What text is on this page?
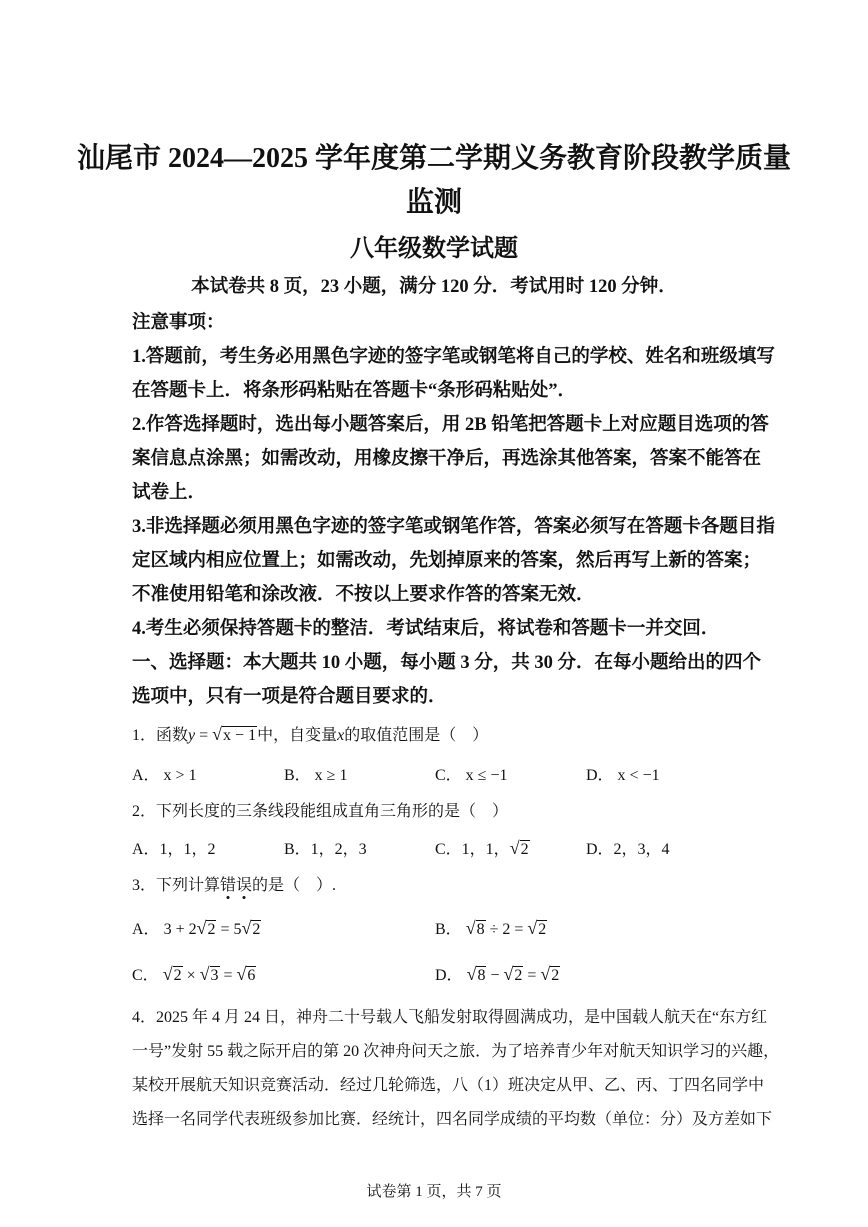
汕尾市 2024—2025 学年度第二学期义务教育阶段教学质量
监测
八年级数学试题
本试卷共 8 页，23 小题，满分 120 分．考试用时 120 分钟．
注意事项：
1.答题前，考生务必用黑色字迹的签字笔或钢笔将自己的学校、姓名和班级填写
在答题卡上．将条形码粘贴在答题卡“条形码粘贴处”．
2.作答选择题时，选出每小题答案后，用 2B 铅笔把答题卡上对应题目选项的答
案信息点涂黑；如需改动，用橡皮擦干净后，再选涂其他答案，答案不能答在
试卷上．
3.非选择题必须用黑色字迹的签字笔或钢笔作答，答案必须写在答题卡各题目指
定区域内相应位置上；如需改动，先划掉原来的答案，然后再写上新的答案；
不准使用铅笔和涂改液．不按以上要求作答的答案无效．
4.考生必须保持答题卡的整洁．考试结束后，将试卷和答题卡一并交回．
一、选择题：本大题共 10 小题，每小题 3 分，共 30 分．在每小题给出的四个
选项中，只有一项是符合题目要求的．
1．函数y = √x − 1中，自变量x的取值范围是（　）
A． x > 1	B． x ≥ 1	C． x ≤ −1	D． x < −1
2．下列长度的三条线段能组成直角三角形的是（　）
A．1，1，2	B．1，2，3	C．1，1，√2	D．2，3，4
3．下列计算错误的是（　）.
A． 3 + 2√2 = 5√2	B． √8 ÷ 2 = √2
C． √2 × √3 = √6	D． √8 − √2 = √2
4．2025 年 4 月 24 日，神舟二十号载人飞船发射取得圆满成功，是中国载人航天在“东方红
一号”发射 55 载之际开启的第 20 次神舟问天之旅．为了培养青少年对航天知识学习的兴趣，
某校开展航天知识竞赛活动．经过几轮筛选，八（1）班决定从甲、乙、丙、丁四名同学中
选择一名同学代表班级参加比赛．经统计，四名同学成绩的平均数（单位：分）及方差如下
试卷第 1 页，共 7 页
